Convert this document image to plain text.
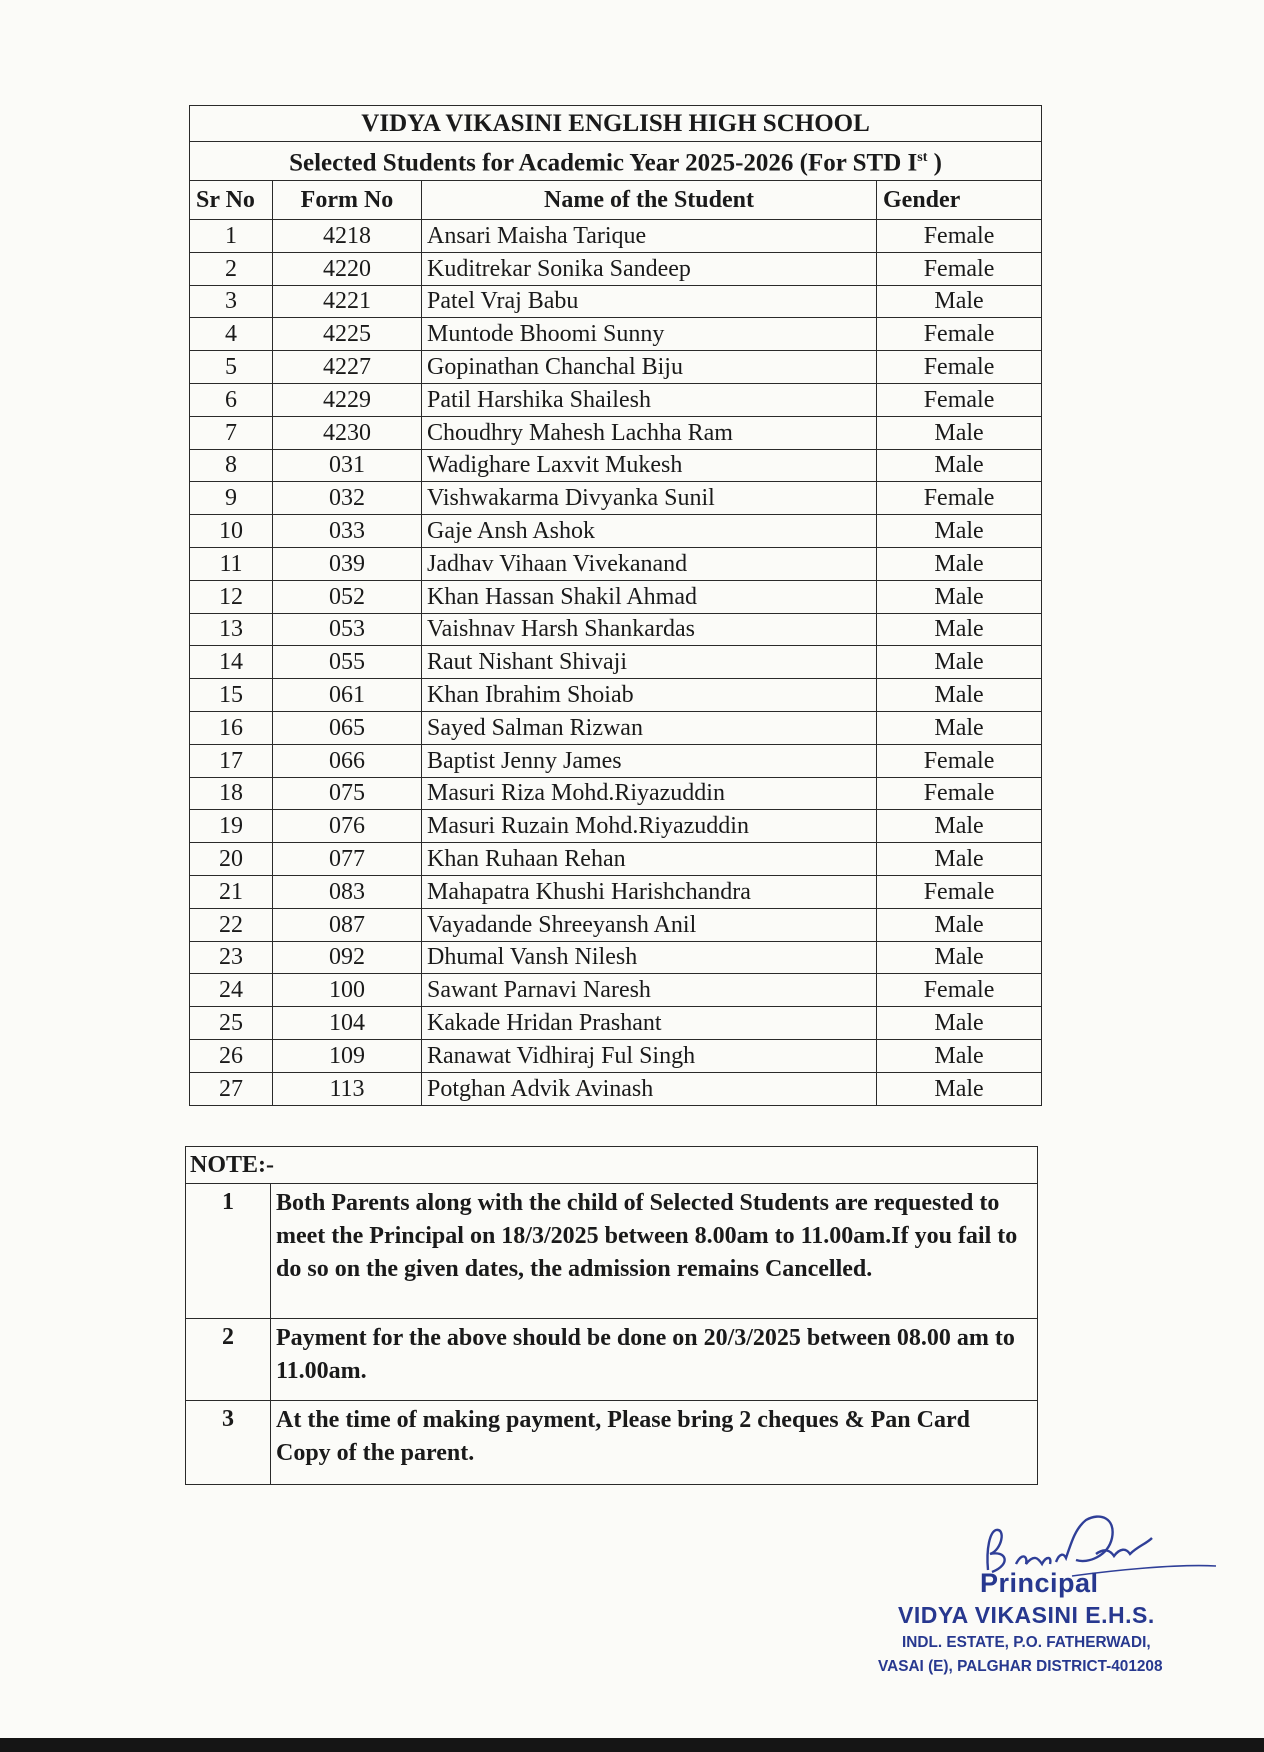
VIDYA VIKASINI ENGLISH HIGH SCHOOL			
Selected Students for Academic Year 2025-2026 (For STD Ist )			
Sr No	Form No	Name of the Student	Gender
1	4218	Ansari Maisha Tarique	Female
2	4220	Kuditrekar Sonika Sandeep	Female
3	4221	Patel Vraj Babu	Male
4	4225	Muntode Bhoomi Sunny	Female
5	4227	Gopinathan Chanchal Biju	Female
6	4229	Patil Harshika Shailesh	Female
7	4230	Choudhry Mahesh Lachha Ram	Male
8	031	Wadighare Laxvit Mukesh	Male
9	032	Vishwakarma Divyanka Sunil	Female
10	033	Gaje Ansh Ashok	Male
11	039	Jadhav Vihaan Vivekanand	Male
12	052	Khan Hassan Shakil Ahmad	Male
13	053	Vaishnav Harsh Shankardas	Male
14	055	Raut Nishant Shivaji	Male
15	061	Khan Ibrahim Shoiab	Male
16	065	Sayed Salman Rizwan	Male
17	066	Baptist Jenny James	Female
18	075	Masuri Riza Mohd.Riyazuddin	Female
19	076	Masuri Ruzain Mohd.Riyazuddin	Male
20	077	Khan Ruhaan Rehan	Male
21	083	Mahapatra Khushi Harishchandra	Female
22	087	Vayadande Shreeyansh Anil	Male
23	092	Dhumal Vansh Nilesh	Male
24	100	Sawant Parnavi Naresh	Female
25	104	Kakade Hridan Prashant	Male
26	109	Ranawat Vidhiraj Ful Singh	Male
27	113	Potghan Advik Avinash	Male
NOTE:-	
1	Both Parents along with the child of Selected Students are requested to meet the Principal on 18/3/2025 between 8.00am to 11.00am.If you fail to do so on the given dates, the admission remains Cancelled.
2	Payment for the above should be done on 20/3/2025 between 08.00 am to 11.00am.
3	At the time of making payment, Please bring 2 cheques & Pan Card Copy of the parent.
Principal
VIDYA VIKASINI E.H.S.
INDL. ESTATE, P.O. FATHERWADI,
VASAI (E), PALGHAR DISTRICT-401208
